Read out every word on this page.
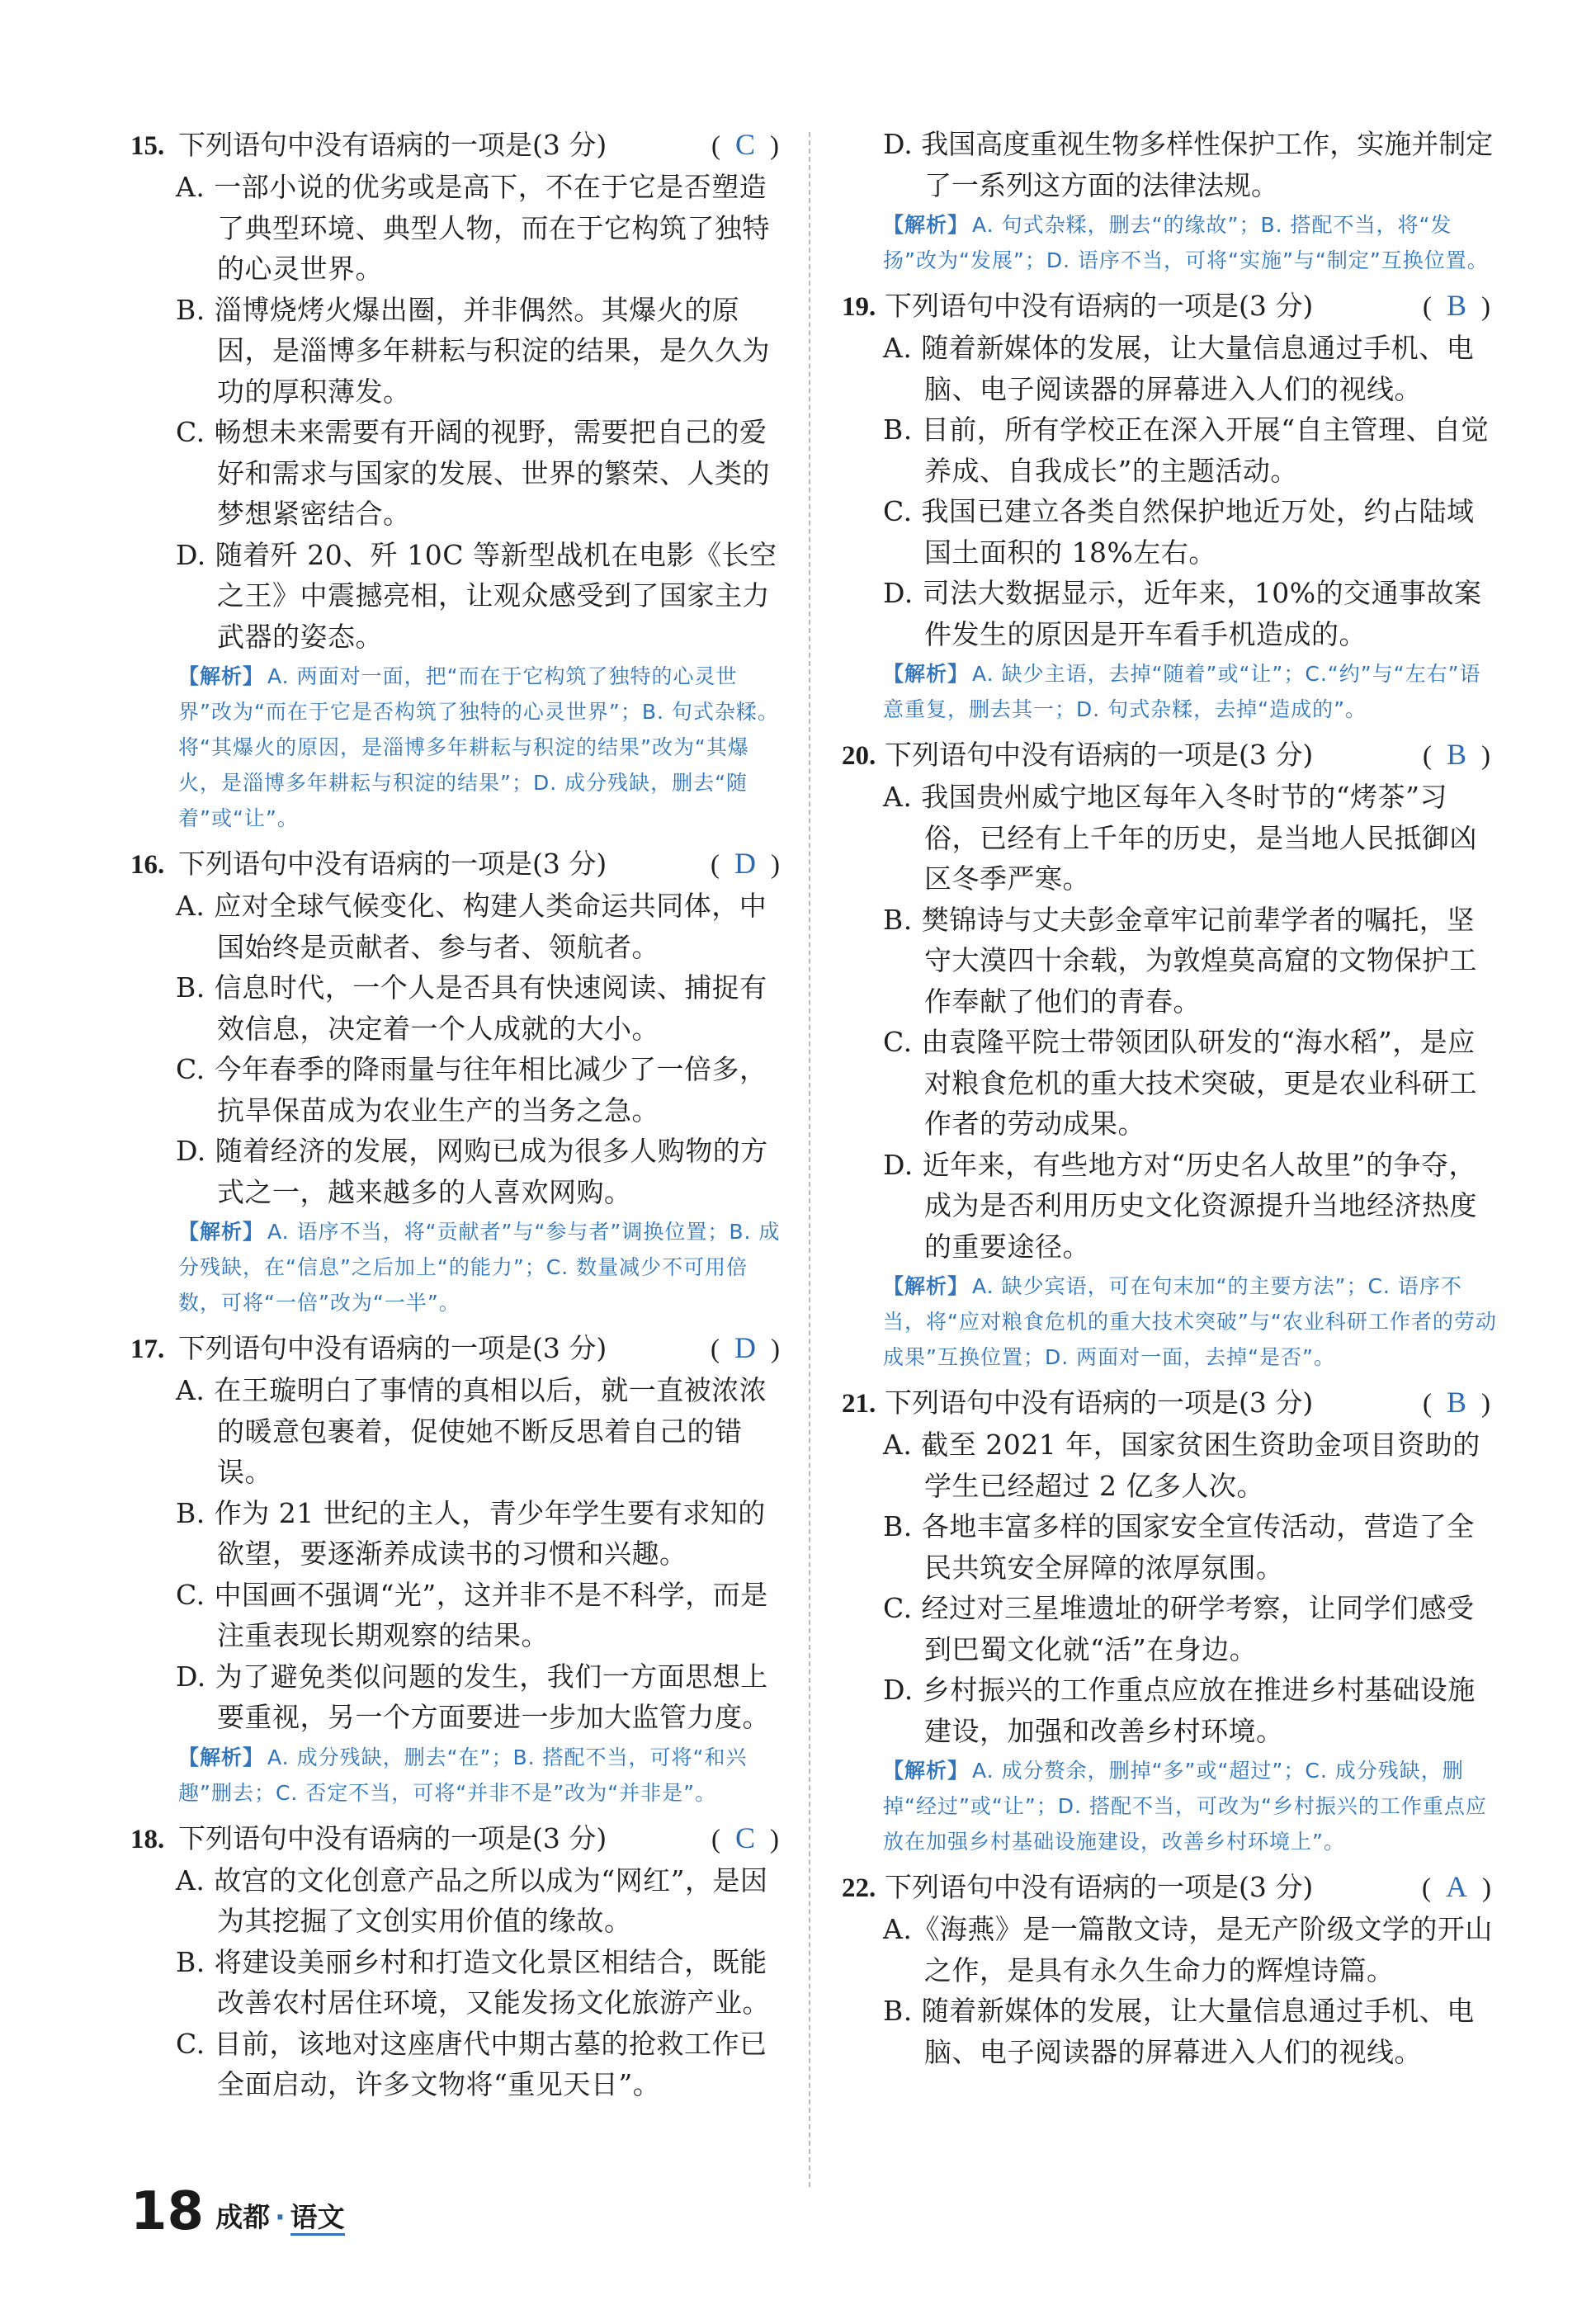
15. 下列语句中没有语病的一项是(3 分)	( C )
A. 一部小说的优劣或是高下，不在于它是否塑造了典型环境、典型人物，而在于它构筑了独特的心灵世界。
B. 淄博烧烤火爆出圈，并非偶然。其爆火的原因，是淄博多年耕耘与积淀的结果，是久久为功的厚积薄发。
C. 畅想未来需要有开阔的视野，需要把自己的爱好和需求与国家的发展、世界的繁荣、人类的梦想紧密结合。
D. 随着歼 20、歼 10C 等新型战机在电影《长空之王》中震撼亮相，让观众感受到了国家主力武器的姿态。
【解析】 A. 两面对一面，把“而在于它构筑了独特的心灵世界”改为“而在于它是否构筑了独特的心灵世界”；B. 句式杂糅。将“其爆火的原因，是淄博多年耕耘与积淀的结果”改为“其爆火，是淄博多年耕耘与积淀的结果”；D. 成分残缺，删去“随着”或“让”。
16. 下列语句中没有语病的一项是(3 分)	( D )
A. 应对全球气候变化、构建人类命运共同体，中国始终是贡献者、参与者、领航者。
B. 信息时代，一个人是否具有快速阅读、捕捉有效信息，决定着一个人成就的大小。
C. 今年春季的降雨量与往年相比减少了一倍多，抗旱保苗成为农业生产的当务之急。
D. 随着经济的发展，网购已成为很多人购物的方式之一，越来越多的人喜欢网购。
【解析】 A. 语序不当，将“贡献者”与“参与者”调换位置；B. 成分残缺，在“信息”之后加上“的能力”；C. 数量减少不可用倍数，可将“一倍”改为“一半”。
17. 下列语句中没有语病的一项是(3 分)	( D )
A. 在王璇明白了事情的真相以后，就一直被浓浓的暖意包裹着，促使她不断反思着自己的错误。
B. 作为 21 世纪的主人，青少年学生要有求知的欲望，要逐渐养成读书的习惯和兴趣。
C. 中国画不强调“光”，这并非不是不科学，而是注重表现长期观察的结果。
D. 为了避免类似问题的发生，我们一方面思想上要重视，另一个方面要进一步加大监管力度。
【解析】 A. 成分残缺，删去“在”；B. 搭配不当，可将“和兴趣”删去；C. 否定不当，可将“并非不是”改为“并非是”。
18. 下列语句中没有语病的一项是(3 分)	( C )
A. 故宫的文化创意产品之所以成为“网红”，是因为其挖掘了文创实用价值的缘故。
B. 将建设美丽乡村和打造文化景区相结合，既能改善农村居住环境，又能发扬文化旅游产业。
C. 目前，该地对这座唐代中期古墓的抢救工作已全面启动，许多文物将“重见天日”。
D. 我国高度重视生物多样性保护工作，实施并制定了一系列这方面的法律法规。
【解析】 A. 句式杂糅，删去“的缘故”；B. 搭配不当，将“发扬”改为“发展”；D. 语序不当，可将“实施”与“制定”互换位置。
19. 下列语句中没有语病的一项是(3 分)	( B )
A. 随着新媒体的发展，让大量信息通过手机、电脑、电子阅读器的屏幕进入人们的视线。
B. 目前，所有学校正在深入开展“自主管理、自觉养成、自我成长”的主题活动。
C. 我国已建立各类自然保护地近万处，约占陆域国土面积的 18%左右。
D. 司法大数据显示，近年来，10%的交通事故案件发生的原因是开车看手机造成的。
【解析】 A. 缺少主语，去掉“随着”或“让”；C.“约”与“左右”语意重复，删去其一；D. 句式杂糅，去掉“造成的”。
20. 下列语句中没有语病的一项是(3 分)	( B )
A. 我国贵州威宁地区每年入冬时节的“烤茶”习俗，已经有上千年的历史，是当地人民抵御凶区冬季严寒。
B. 樊锦诗与丈夫彭金章牢记前辈学者的嘱托，坚守大漠四十余载，为敦煌莫高窟的文物保护工作奉献了他们的青春。
C. 由袁隆平院士带领团队研发的“海水稻”，是应对粮食危机的重大技术突破，更是农业科研工作者的劳动成果。
D. 近年来，有些地方对“历史名人故里”的争夺，成为是否利用历史文化资源提升当地经济热度的重要途径。
【解析】 A. 缺少宾语，可在句末加“的主要方法”；C. 语序不当，将“应对粮食危机的重大技术突破”与“农业科研工作者的劳动成果”互换位置；D. 两面对一面，去掉“是否”。
21. 下列语句中没有语病的一项是(3 分)	( B )
A. 截至 2021 年，国家贫困生资助金项目资助的学生已经超过 2 亿多人次。
B. 各地丰富多样的国家安全宣传活动，营造了全民共筑安全屏障的浓厚氛围。
C. 经过对三星堆遗址的研学考察，让同学们感受到巴蜀文化就“活”在身边。
D. 乡村振兴的工作重点应放在推进乡村基础设施建设，加强和改善乡村环境。
【解析】 A. 成分赘余，删掉“多”或“超过”；C. 成分残缺，删掉“经过”或“让”；D. 搭配不当，可改为“乡村振兴的工作重点应放在加强乡村基础设施建设，改善乡村环境上”。
22. 下列语句中没有语病的一项是(3 分)	( A )
A.《海燕》是一篇散文诗，是无产阶级文学的开山之作，是具有永久生命力的辉煌诗篇。
B. 随着新媒体的发展，让大量信息通过手机、电脑、电子阅读器的屏幕进入人们的视线。
18 成都 · 语文
